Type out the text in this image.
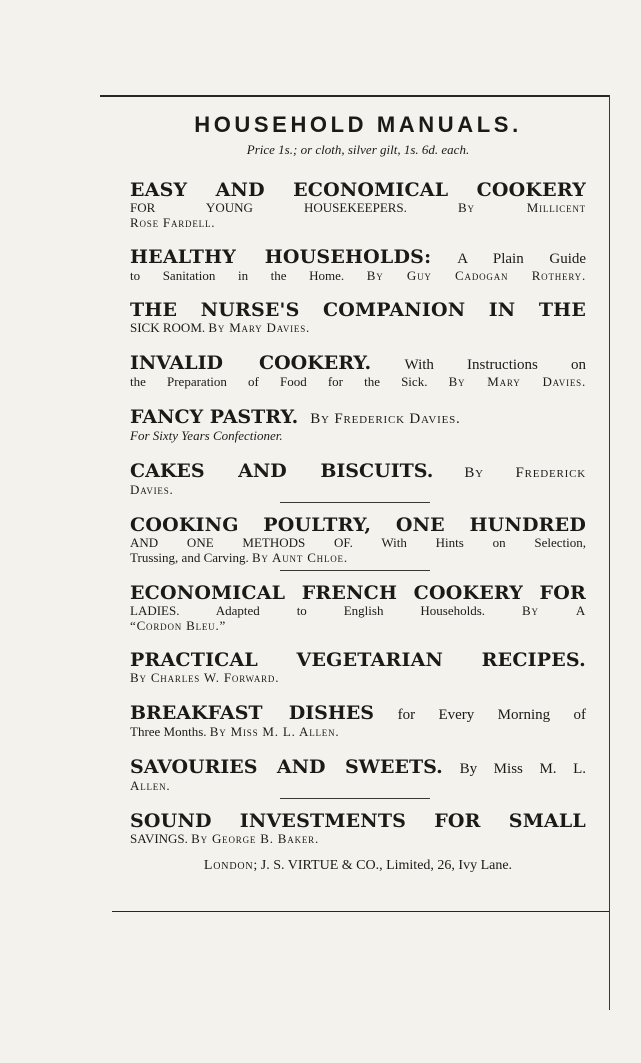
HOUSEHOLD MANUALS.

Price 1s.; or cloth, silver gilt, 1s. 6d. each.

EASY AND ECONOMICAL COOKERY
FOR YOUNG HOUSEKEEPERS.	By Millicent
Rose Fardell.
HEALTHY HOUSEHOLDS: A Plain Guide
to Sanitation in the Home. By Guy Cadogan Rothery.
THE NURSE'S COMPANION IN THE
SICK ROOM. By Mary Davies.
INVALID COOKERY. With Instructions on
the Preparation of Food for the Sick. By Mary Davies.
FANCY PASTRY. By Frederick Davies.
For Sixty Years Confectioner.
CAKES AND BISCUITS. By Frederick
Davies.
COOKING POULTRY, ONE HUNDRED
AND ONE METHODS OF. With Hints on Selection,
Trussing, and Carving. By Aunt Chloe.
ECONOMICAL FRENCH COOKERY FOR
LADIES.	Adapted to English Households.	By A
“Cordon Bleu.”
PRACTICAL VEGETARIAN RECIPES.
By Charles W. Forward.
BREAKFAST DISHES for Every Morning of
Three Months. By Miss M. L. Allen.
SAVOURIES AND SWEETS. By Miss M. L.
Allen.
SOUND INVESTMENTS FOR SMALL
SAVINGS. By George B. Baker.
London; J. S. VIRTUE & CO., Limited, 26, Ivy Lane.
